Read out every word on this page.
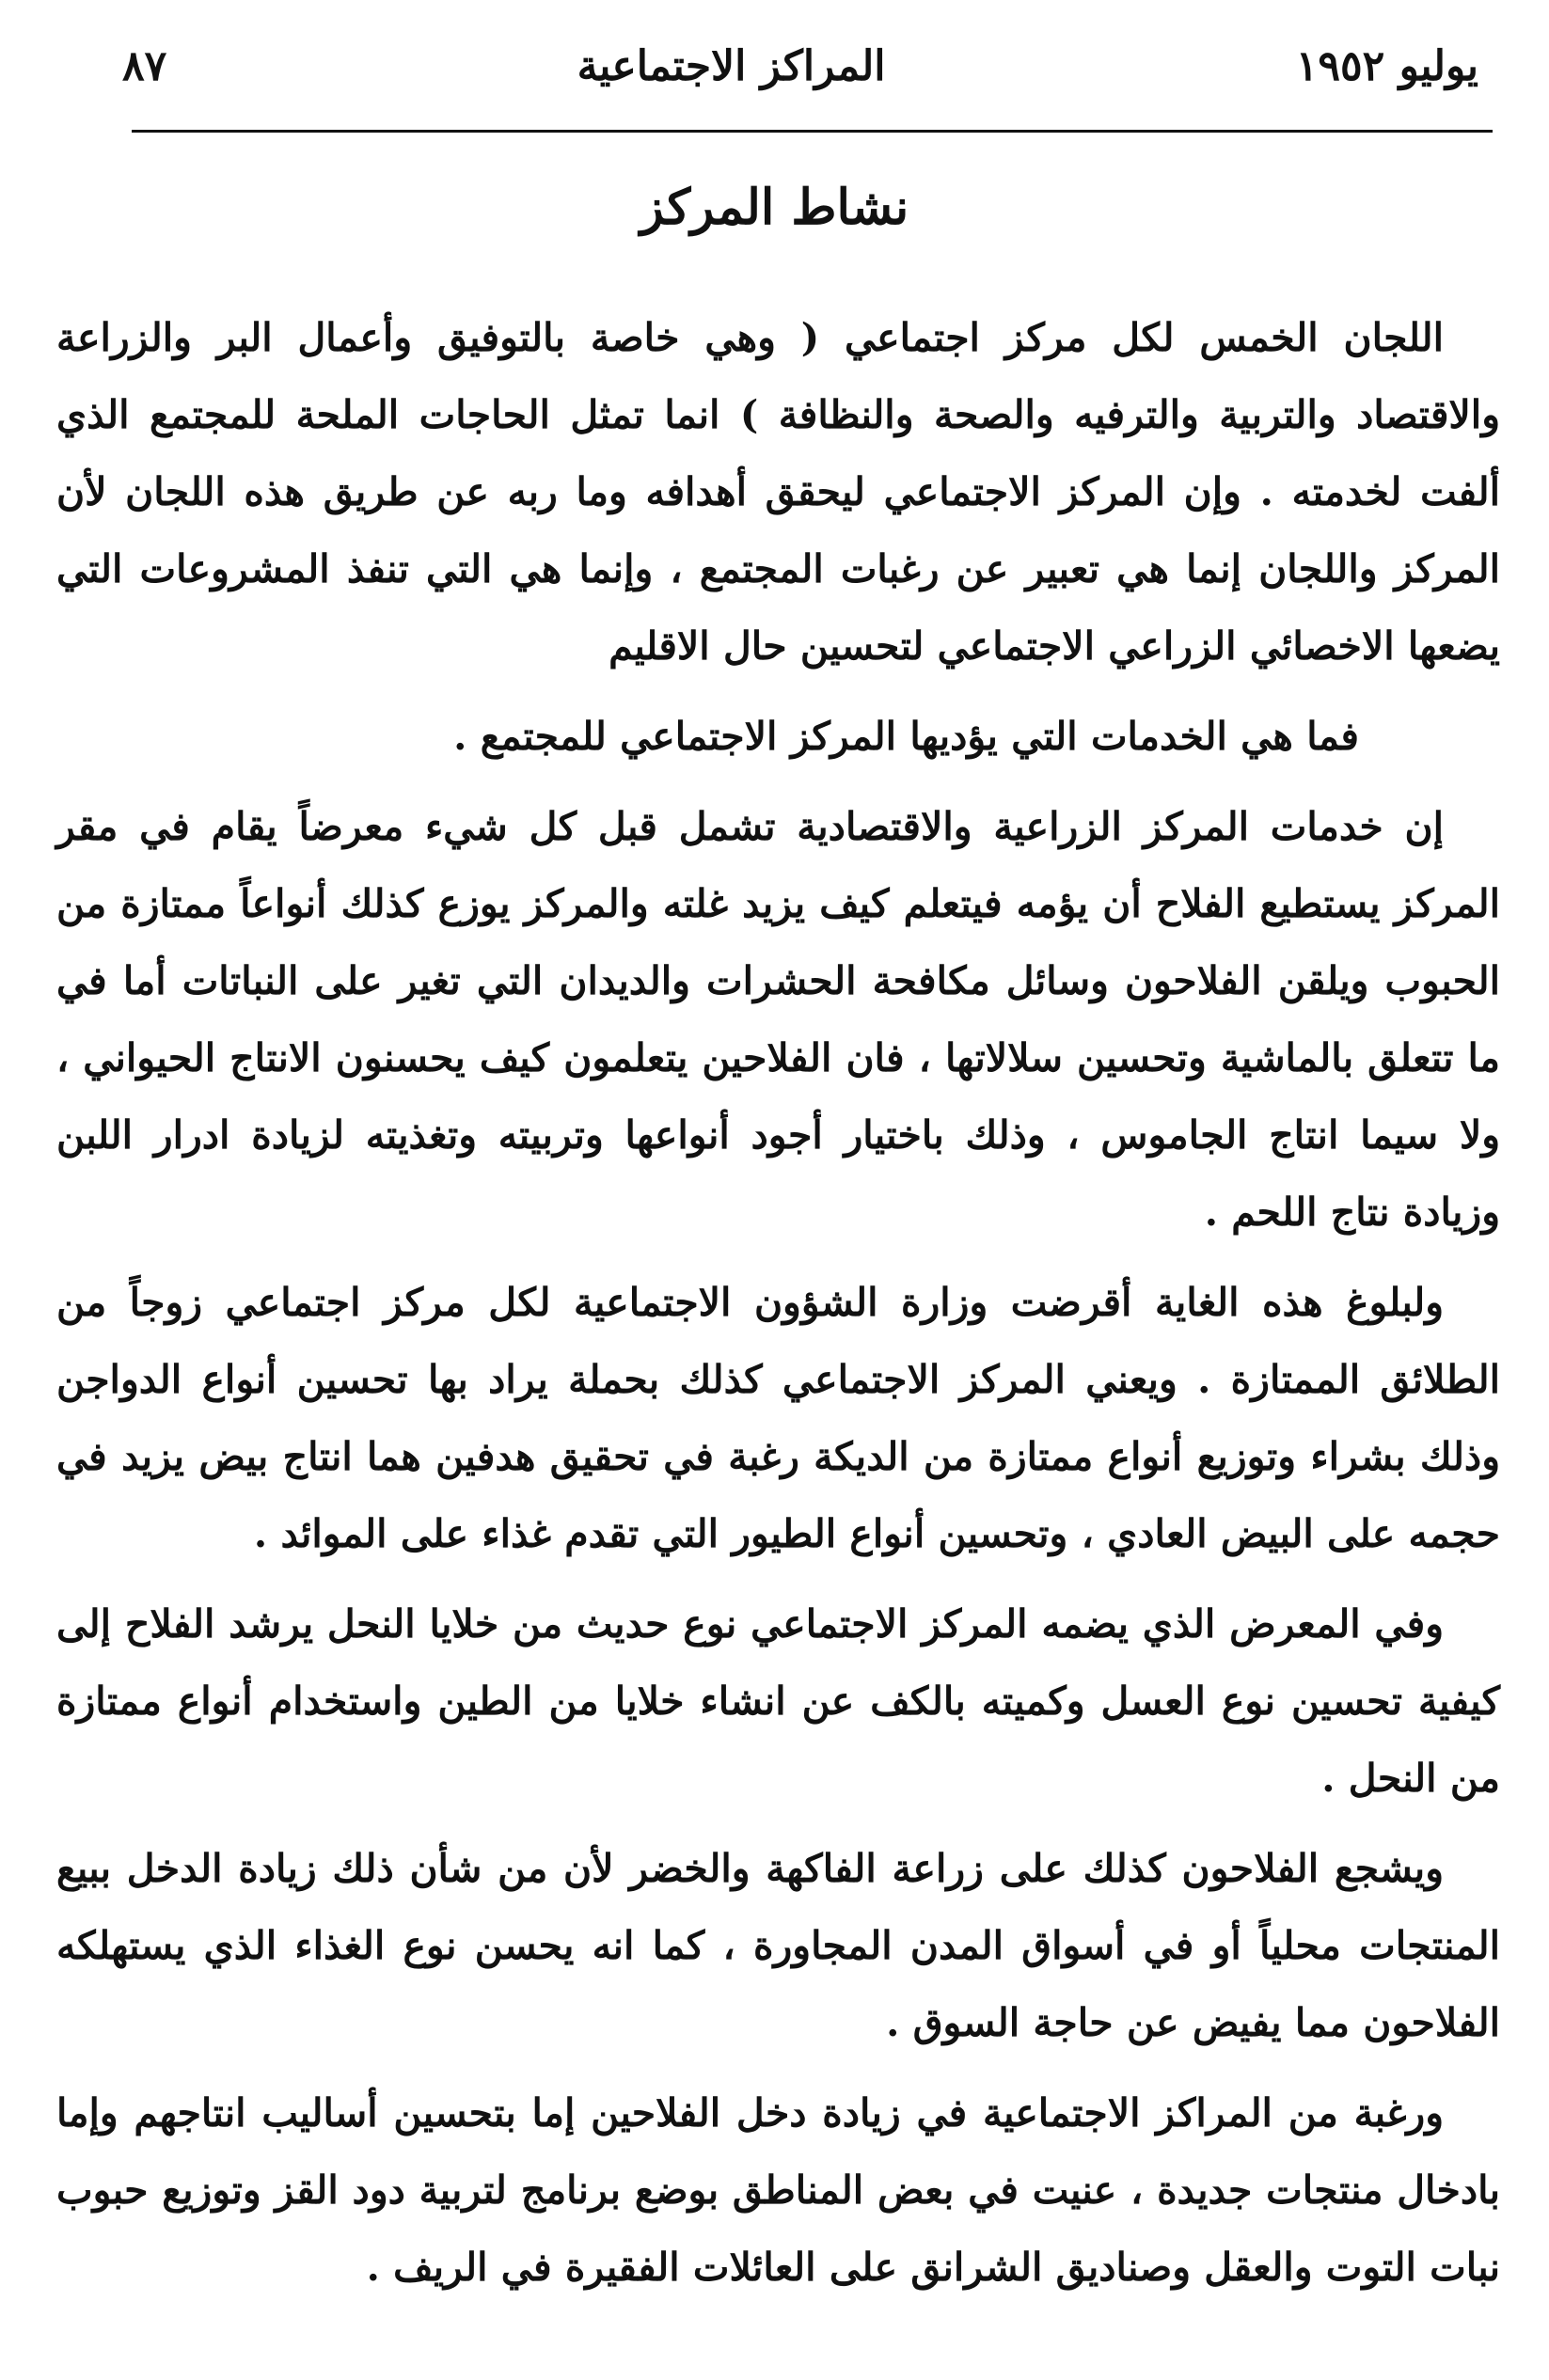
يوليو ١٩٥٢
المراكز الاجتماعية
٨٧
نشاط المركز

اللجان الخمس لكل مركز اجتماعي ( وهي خاصة بالتوفيق وأعمال البر والزراعة والاقتصاد والتربية والترفيه والصحة والنظافة ) انما تمثل الحاجات الملحة للمجتمع الذي ألفت لخدمته . وإن المركز الاجتماعي ليحقق أهدافه وما ربه عن طريق هذه اللجان لأن المركز واللجان إنما هي تعبير عن رغبات المجتمع ، وإنما هي التي تنفذ المشروعات التي يضعها الاخصائي الزراعي الاجتماعي لتحسين حال الاقليم

فما هي الخدمات التي يؤديها المركز الاجتماعي للمجتمع .

إن خدمات المركز الزراعية والاقتصادية تشمل قبل كل شيء معرضاً يقام في مقر المركز يستطيع الفلاح أن يؤمه فيتعلم كيف يزيد غلته والمركز يوزع كذلك أنواعاً ممتازة من الحبوب ويلقن الفلاحون وسائل مكافحة الحشرات والديدان التي تغير على النباتات أما في ما تتعلق بالماشية وتحسين سلالاتها ، فان الفلاحين يتعلمون كيف يحسنون الانتاج الحيواني ، ولا سيما انتاج الجاموس ، وذلك باختيار أجود أنواعها وتربيته وتغذيته لزيادة ادرار اللبن وزيادة نتاج اللحم .

ولبلوغ هذه الغاية أقرضت وزارة الشؤون الاجتماعية لكل مركز اجتماعي زوجاً من الطلائق الممتازة . ويعني المركز الاجتماعي كذلك بحملة يراد بها تحسين أنواع الدواجن وذلك بشراء وتوزيع أنواع ممتازة من الديكة رغبة في تحقيق هدفين هما انتاج بيض يزيد في حجمه على البيض العادي ، وتحسين أنواع الطيور التي تقدم غذاء على الموائد .

وفي المعرض الذي يضمه المركز الاجتماعي نوع حديث من خلايا النحل يرشد الفلاح إلى كيفية تحسين نوع العسل وكميته بالكف عن انشاء خلايا من الطين واستخدام أنواع ممتازة من النحل .

ويشجع الفلاحون كذلك على زراعة الفاكهة والخضر لأن من شأن ذلك زيادة الدخل ببيع المنتجات محلياً أو في أسواق المدن المجاورة ، كما انه يحسن نوع الغذاء الذي يستهلكه الفلاحون مما يفيض عن حاجة السوق .

ورغبة من المراكز الاجتماعية في زيادة دخل الفلاحين إما بتحسين أساليب انتاجهم وإما بادخال منتجات جديدة ، عنيت في بعض المناطق بوضع برنامج لتربية دود القز وتوزيع حبوب نبات التوت والعقل وصناديق الشرانق على العائلات الفقيرة في الريف .
